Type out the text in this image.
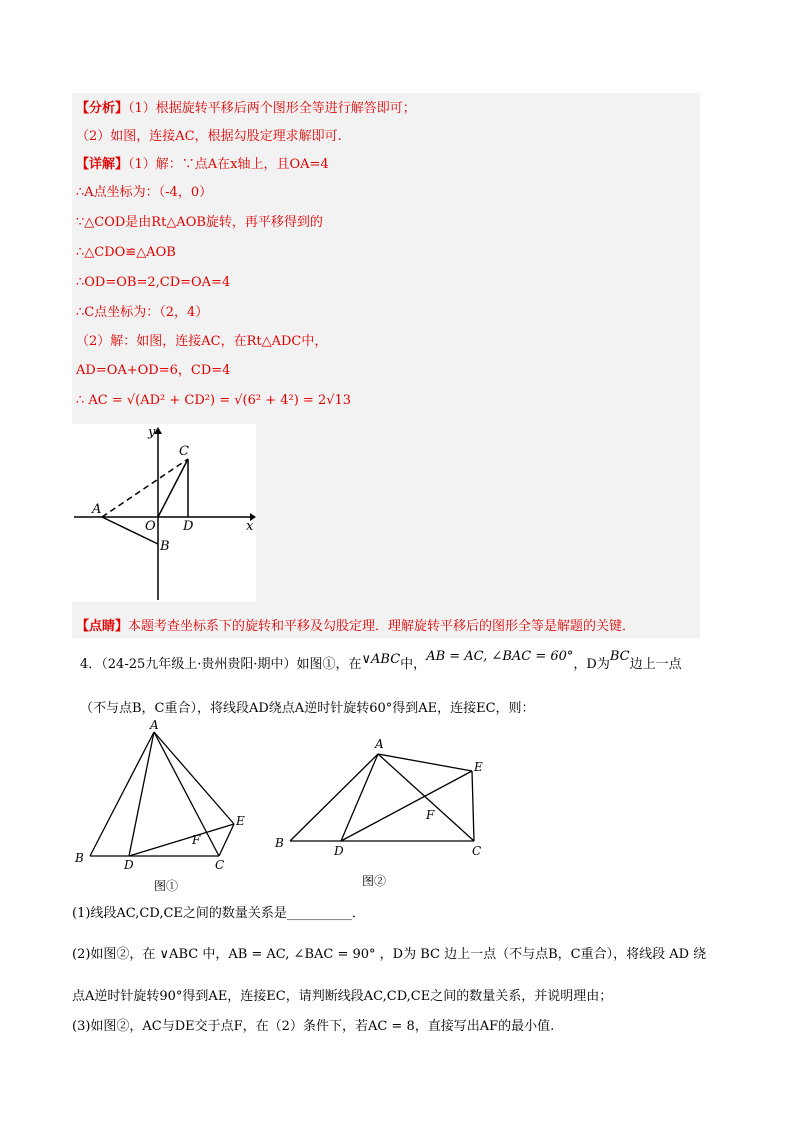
【分析】（1）根据旋转平移后两个图形全等进行解答即可；
（2）如图，连接AC，根据勾股定理求解即可.
【详解】（1）解：∵点A在x轴上，且OA=4
∴A点坐标为：（-4，0）
∵△COD是由Rt△AOB旋转，再平移得到的
∴△CDO≌△AOB
∴OD=OB=2,CD=OA=4
∴C点坐标为：（2，4）
（2）解：如图，连接AC，在Rt△ADC中，
AD=OA+OD=6，CD=4
∴ AC = √(AD² + CD²) = √(6² + 4²) = 2√13
y
C
A
O D	x
B
【点睛】本题考查坐标系下的旋转和平移及勾股定理．理解旋转平移后的图形全等是解题的关键．
4．（24-25九年级上·贵州贵阳·期中）如图①，在∨ABC中，AB = AC, ∠BAC = 60°，D为BC边上一点
（不与点B，C重合），将线段AD绕点A逆时针旋转60°得到AE，连接EC，则：
A
E
F
B	D	C
图①
A
E
F
B
D	C
图②
(1)线段AC,CD,CE之间的数量关系是__________．
(2)如图②，在 ∨ABC 中，AB = AC, ∠BAC = 90° ，D为 BC 边上一点（不与点B，C重合），将线段 AD 绕
点A逆时针旋转90°得到AE，连接EC，请判断线段AC,CD,CE之间的数量关系，并说明理由；
(3)如图②，AC与DE交于点F，在（2）条件下，若AC = 8，直接写出AF的最小值.
